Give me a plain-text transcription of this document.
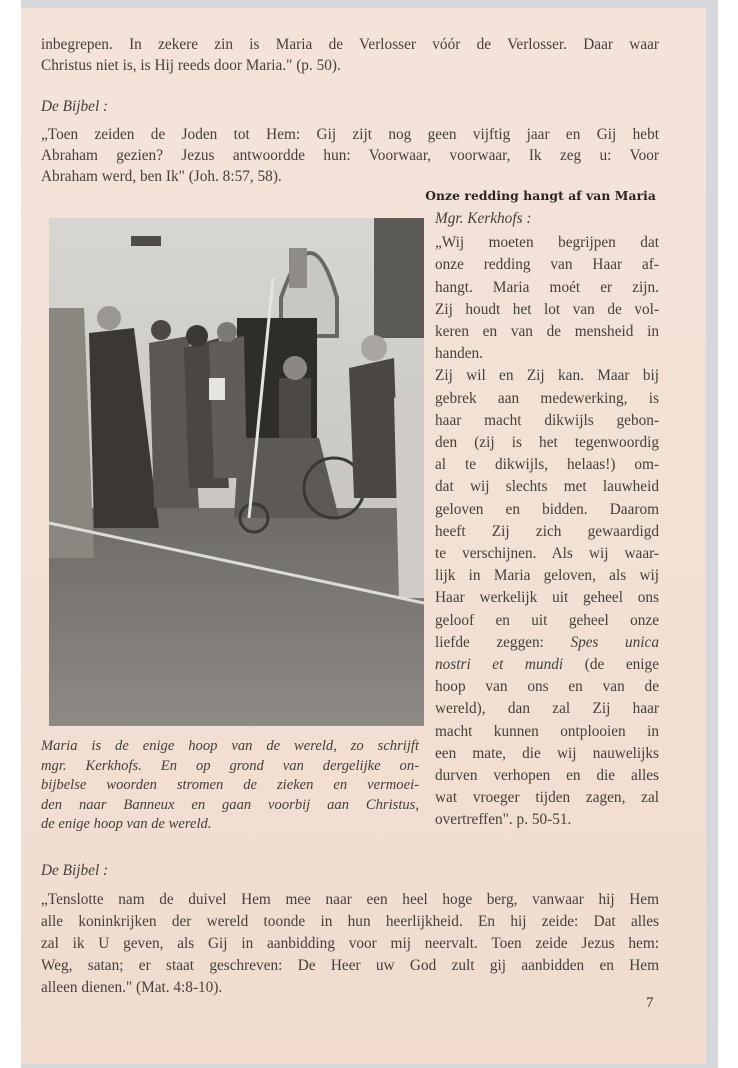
inbegrepen. In zekere zin is Maria de Verlosser vóór de Verlosser. Daar waar
Christus niet is, is Hij reeds door Maria." (p. 50).
De Bijbel :
„Toen zeiden de Joden tot Hem: Gij zijt nog geen vijftig jaar en Gij hebt
Abraham gezien? Jezus antwoordde hun: Voorwaar, voorwaar, Ik zeg u: Voor
Abraham werd, ben Ik" (Joh. 8:57, 58).
Onze redding hangt af van Maria

Mgr. Kerkhofs :

„Wij moeten begrijpen dat
onze redding van Haar af-
hangt. Maria moét er zijn.
Zij houdt het lot van de vol-
keren en van de mensheid in
handen.
Zij wil en Zij kan. Maar bij
gebrek aan medewerking, is
haar macht dikwijls gebon-
den (zij is het tegenwoordig
al te dikwijls, helaas!) om-
dat wij slechts met lauwheid
geloven en bidden. Daarom
heeft Zij zich gewaardigd
te verschijnen. Als wij waar-
lijk in Maria geloven, als wij
Haar werkelijk uit geheel ons
geloof en uit geheel onze
liefde zeggen: Spes unica
nostri et mundi (de enige
hoop van ons en van de
wereld), dan zal Zij haar
macht kunnen ontplooien in
een mate, die wij nauwelijks
durven verhopen en die alles
wat vroeger tijden zagen, zal
overtreffen". p. 50-51.
Maria is de enige hoop van de wereld, zo schrijft
mgr. Kerkhofs. En op grond van dergelijke on-
bijbelse woorden stromen de zieken en vermoei-
den naar Banneux en gaan voorbij aan Christus,
de enige hoop van de wereld.
De Bijbel :
„Tenslotte nam de duivel Hem mee naar een heel hoge berg, vanwaar hij Hem
alle koninkrijken der wereld toonde in hun heerlijkheid. En hij zeide: Dat alles
zal ik U geven, als Gij in aanbidding voor mij neervalt. Toen zeide Jezus hem:
Weg, satan; er staat geschreven: De Heer uw God zult gij aanbidden en Hem
alleen dienen." (Mat. 4:8-10).
7
